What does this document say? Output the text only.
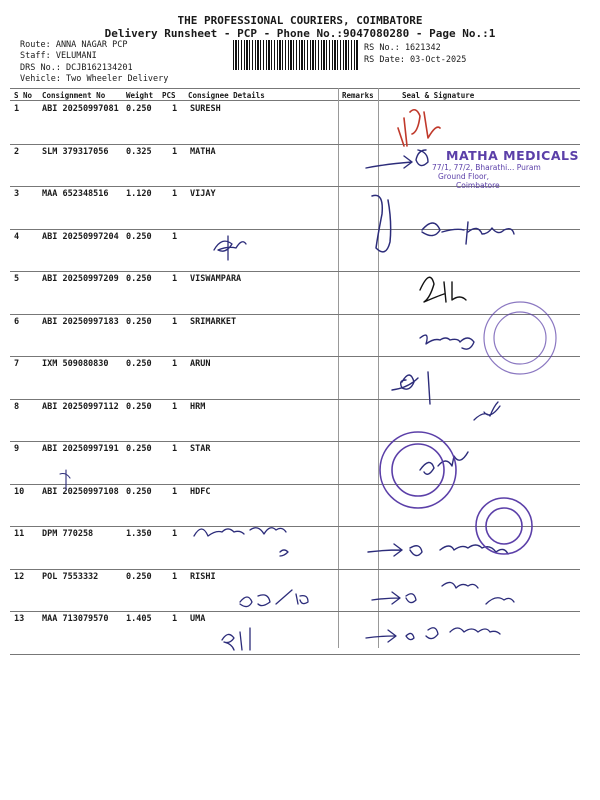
THE PROFESSIONAL COURIERS, COIMBATORE
Delivery Runsheet - PCP - Phone No.:9047080280 - Page No.:1
Route: ANNA NAGAR PCP
Staff: VELUMANI
DRS No.: DCJB162134201
Vehicle: Two Wheeler Delivery
RS No.: 1621342
RS Date: 03-Oct-2025
S No Consignment No	Weight PCS Consignee Details	Remarks	Seal & Signature
1	ABI 20250997081 0.250 1 SURESH
2	SLM 379317056 0.325 1 MATHA
3	MAA 652348516 1.120 1 VIJAY
4	ABI 20250997204 0.250 1
5	ABI 20250997209 0.250 1 VISWAMPARA
6	ABI 20250997183 0.250 1 SRIMARKET
7	IXM 509080830 0.250 1 ARUN
8	ABI 20250997112 0.250 1 HRM
9	ABI 20250997191 0.250 1 STAR
10 ABI 20250997108 0.250 1 HDFC
11 DPM 770258	1.350 1
12 POL 7553332	0.250 1 RISHI
13 MAA 713079570 1.405 1 UMA
MATHA MEDICALS
77/1, 77/2, Bharathi... Puram
Ground Floor,
Coimbatore
